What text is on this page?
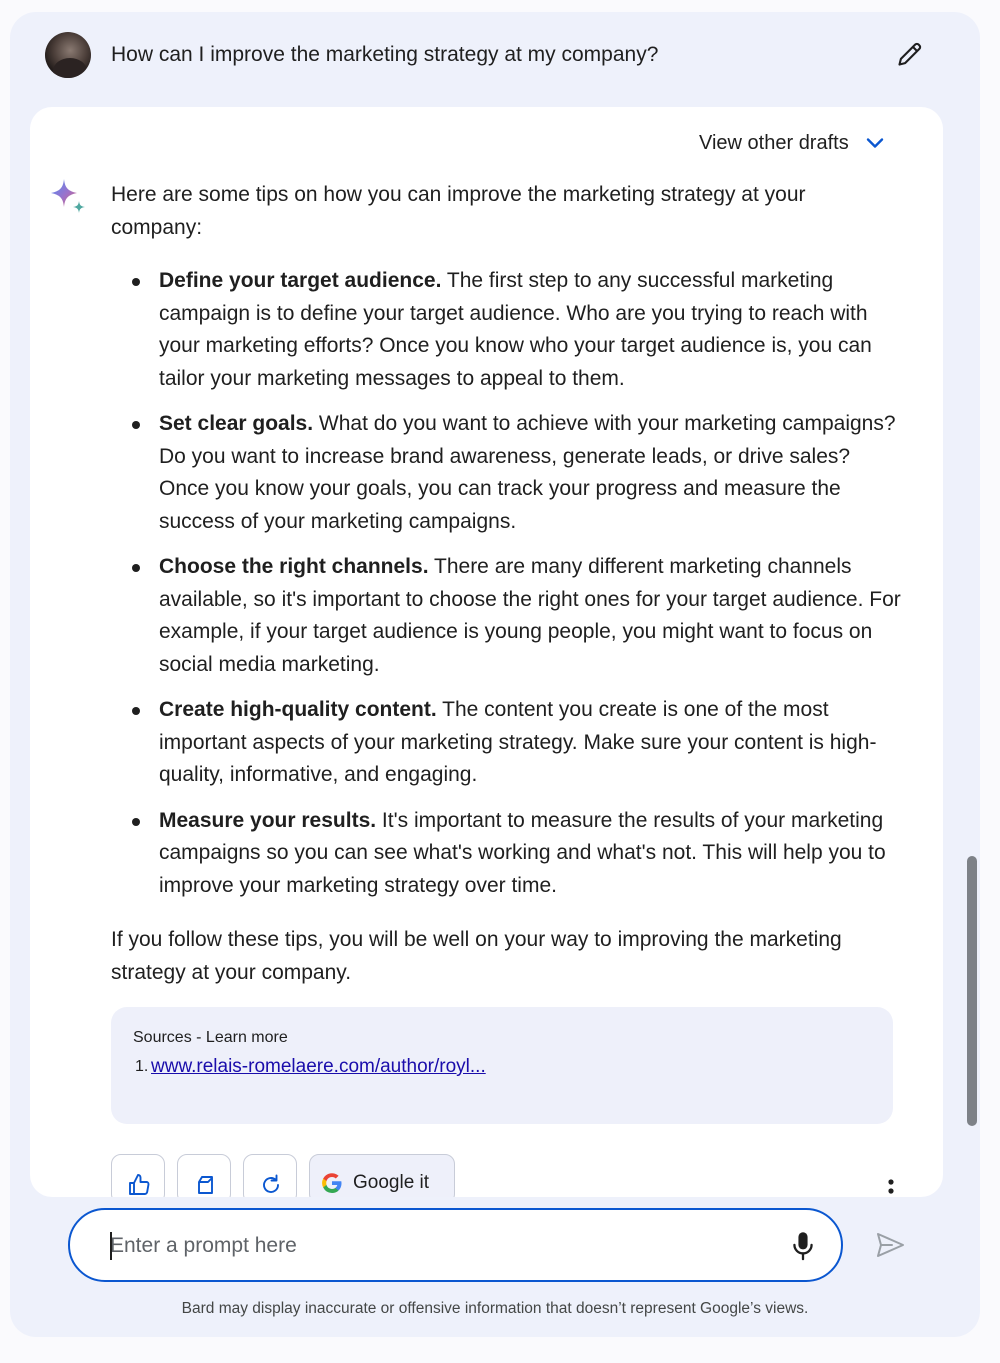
How can I improve the marketing strategy at my company?
View other drafts

Here are some tips on how you can improve the marketing strategy at your company:

Define your target audience. The first step to any successful marketing campaign is to define your target audience. Who are you trying to reach with your marketing efforts? Once you know who your target audience is, you can tailor your marketing messages to appeal to them.
Set clear goals. What do you want to achieve with your marketing campaigns? Do you want to increase brand awareness, generate leads, or drive sales? Once you know your goals, you can track your progress and measure the success of your marketing campaigns.
Choose the right channels. There are many different marketing channels available, so it's important to choose the right ones for your target audience. For example, if your target audience is young people, you might want to focus on social media marketing.
Create high-quality content. The content you create is one of the most important aspects of your marketing strategy. Make sure your content is high-quality, informative, and engaging.
Measure your results. It's important to measure the results of your marketing campaigns so you can see what's working and what's not. This will help you to improve your marketing strategy over time.

If you follow these tips, you will be well on your way to improving the marketing strategy at your company.

Sources - Learn more
1. www.relais-romelaere.com/author/royl...
Google it
Enter a prompt here
Bard may display inaccurate or offensive information that doesn’t represent Google’s views.
